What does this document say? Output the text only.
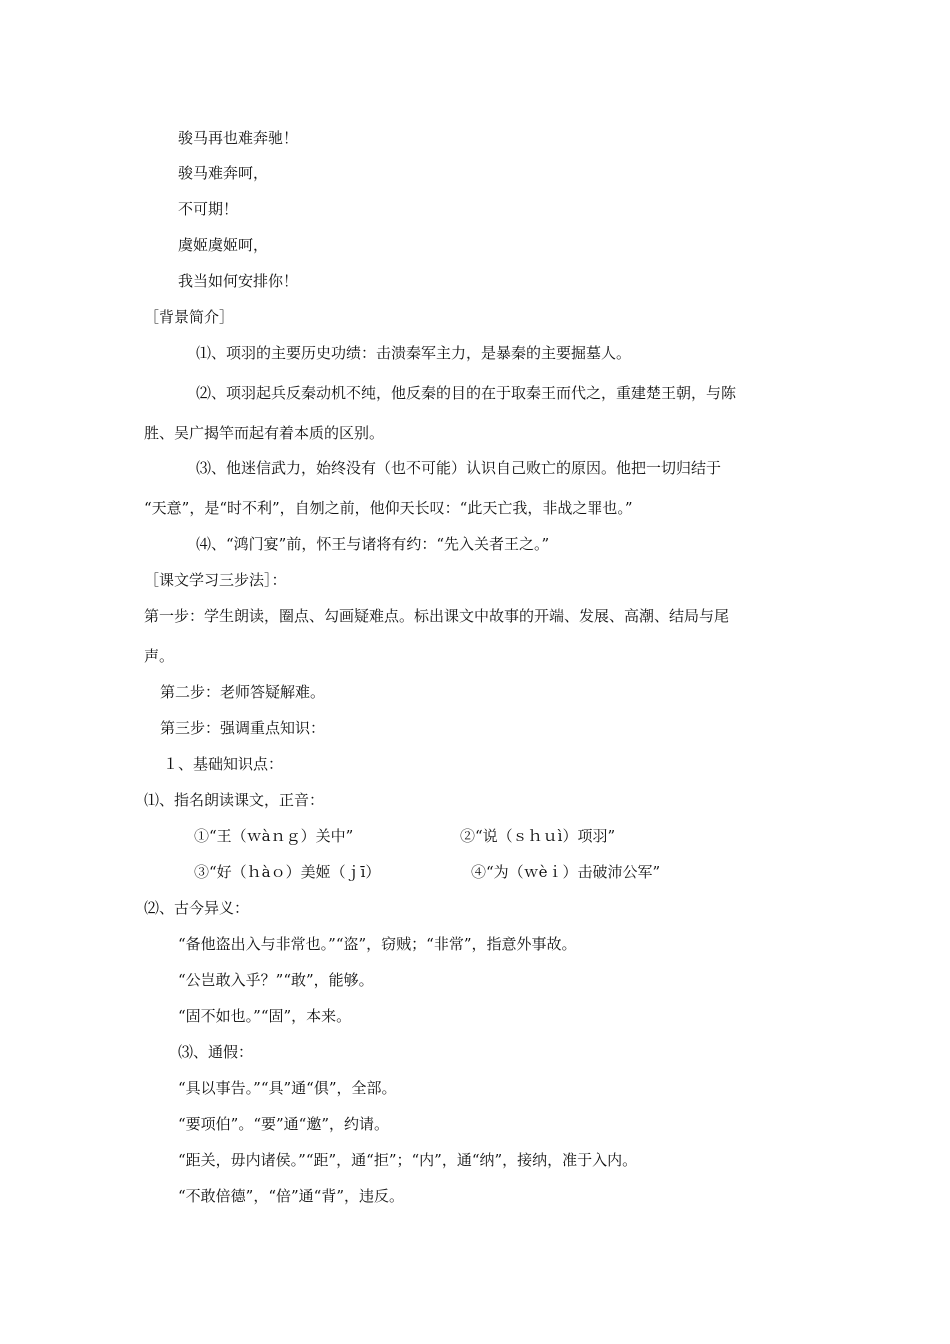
骏马再也难奔驰！
骏马难奔呵，
不可期！
虞姬虞姬呵，
我当如何安排你！
［背景简介］
⑴、项羽的主要历史功绩：击溃秦军主力，是暴秦的主要掘墓人。
⑵、项羽起兵反秦动机不纯，他反秦的目的在于取秦王而代之，重建楚王朝，与陈
胜、吴广揭竿而起有着本质的区别。
⑶、他迷信武力，始终没有（也不可能）认识自己败亡的原因。他把一切归结于
“天意”，是“时不利”，自刎之前，他仰天长叹：“此天亡我，非战之罪也。”
⑷、“鸿门宴”前，怀王与诸将有约：“先入关者王之。”
［课文学习三步法］：
第一步：学生朗读，圈点、勾画疑难点。标出课文中故事的开端、发展、高潮、结局与尾
声。
第二步：老师答疑解难。
第三步：强调重点知识：
１、基础知识点：
⑴、指名朗读课文，正音：
①“王（ｗàｎｇ）关中”	②“说（ｓｈｕì）项羽”
③“好（ｈàｏ）美姬（ｊī）	④“为（ｗèｉ）击破沛公军”
⑵、古今异义：
“备他盗出入与非常也。”“盗”，窃贼；“非常”，指意外事故。
“公岂敢入乎？”“敢”，能够。
“固不如也。”“固”，本来。
⑶、通假：
“具以事告。”“具”通“俱”，全部。
“要项伯”。“要”通“邀”，约请。
“距关，毋内诸侯。”“距”，通“拒”；“内”，通“纳”，接纳，准于入内。
“不敢倍德”，“倍”通“背”，违反。
